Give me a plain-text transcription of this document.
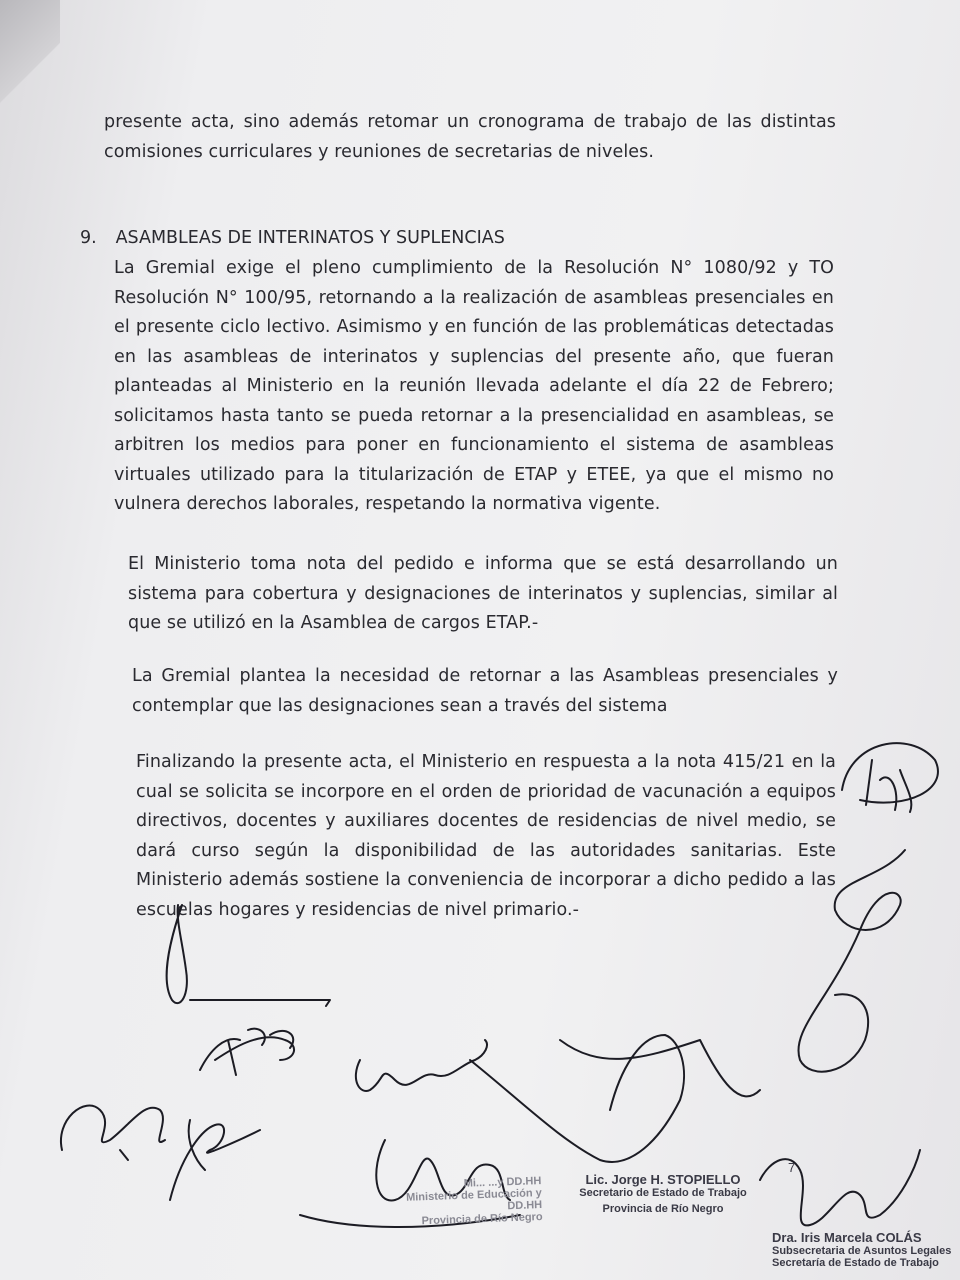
presente acta, sino además retomar un cronograma de trabajo de las distintas comisiones curriculares y reuniones de secretarias de niveles.

9. ASAMBLEAS DE INTERINATOS Y SUPLENCIAS

La Gremial exige el pleno cumplimiento de la Resolución N° 1080/92 y TO Resolución N° 100/95, retornando a la realización de asambleas presenciales en el presente ciclo lectivo. Asimismo y en función de las problemáticas detectadas en las asambleas de interinatos y suplencias del presente año, que fueran planteadas al Ministerio en la reunión llevada adelante el día 22 de Febrero; solicitamos hasta tanto se pueda retornar a la presencialidad en asambleas, se arbitren los medios para poner en funcionamiento el sistema de asambleas virtuales utilizado para la titularización de ETAP y ETEE, ya que el mismo no vulnera derechos laborales, respetando la normativa vigente.

El Ministerio toma nota del pedido e informa que se está desarrollando un sistema para cobertura y designaciones de interinatos y suplencias, similar al que se utilizó en la Asamblea de cargos ETAP.-

La Gremial plantea la necesidad de retornar a las Asambleas presenciales y contemplar que las designaciones sean a través del sistema

Finalizando la presente acta, el Ministerio en respuesta a la nota 415/21 en la cual se solicita se incorpore en el orden de prioridad de vacunación a equipos directivos, docentes y auxiliares docentes de residencias de nivel medio, se dará curso según la disponibilidad de las autoridades sanitarias. Este Ministerio además sostiene la conveniencia de incorporar a dicho pedido a las escuelas hogares y residencias de nivel primario.-

Mi... ...y DD.HH
Ministerio de Educación y DD.HH
Provincia de Río Negro
Lic. Jorge H. STOPIELLO
Secretario de Estado de Trabajo
Provincia de Río Negro
7
Dra. Iris Marcela COLÁS
Subsecretaria de Asuntos Legales
Secretaría de Estado de Trabajo
